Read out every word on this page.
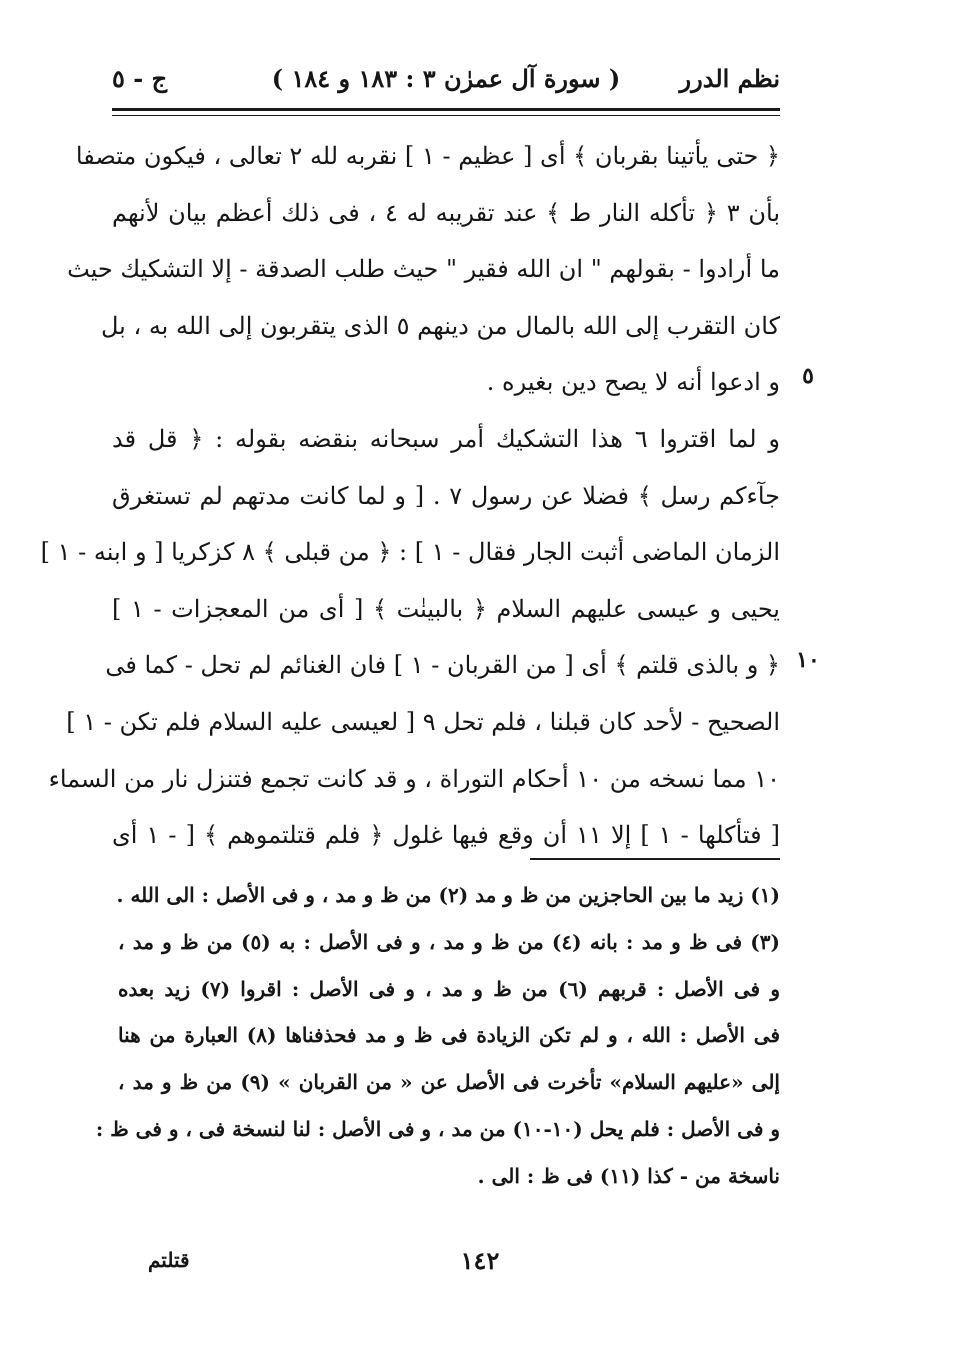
نظم الدرر
( سورة آل عمرٰن ٣ : ١٨٣ و ١٨٤ )
ج - ٥
﴿ حتى يأتينا بقربان ﴾ أى [ عظيم - ١ ] نقربه لله ٢ تعالى ، فيكون متصفا
بأن ٣ ﴿ تأكله النار ط ﴾ عند تقريبه له ٤ ، فى ذلك أعظم بيان لأنهم
ما أرادوا - بقولهم " ان الله فقير " حيث طلب الصدقة - إلا التشكيك حيث
كان التقرب إلى الله بالمال من دينهم ٥ الذى يتقربون إلى الله به ، بل
و ادعوا أنه لا يصح دين بغيره .
و لما اقتروا ٦ هذا التشكيك أمر سبحانه بنقضه بقوله : ﴿ قل قد
جآءكم رسل ﴾ فضلا عن رسول ٧ . [ و لما كانت مدتهم لم تستغرق
الزمان الماضى أثبت الجار فقال - ١ ] : ﴿ من قبلى ﴾ ٨ كزكريا [ و ابنه - ١ ]
يحيى و عيسى عليهم السلام ﴿ بالبينٰت ﴾ [ أى من المعجزات - ١ ]
﴿ و بالذى قلتم ﴾ أى [ من القربان - ١ ] فان الغنائم لم تحل - كما فى
الصحيح - لأحد كان قبلنا ، فلم تحل ٩ [ لعيسى عليه السلام فلم تكن - ١ ]
١٠ مما نسخه من ١٠ أحكام التوراة ، و قد كانت تجمع فتنزل نار من السماء
[ فتأكلها - ١ ] إلا ١١ أن وقع فيها غلول ﴿ فلم قتلتموهم ﴾ [ - ١ أى
٥
١٠
(١) زيد ما بين الحاجزين من ظ و مد (٢) من ظ و مد ، و فى الأصل : الى الله .
(٣) فى ظ و مد : بانه (٤) من ظ و مد ، و فى الأصل : به (٥) من ظ و مد ،
و فى الأصل : قربهم (٦) من ظ و مد ، و فى الأصل : اقروا (٧) زيد بعده
فى الأصل : الله ، و لم تكن الزيادة فى ظ و مد فحذفناها (٨) العبارة من هنا
إلى «عليهم السلام» تأخرت فى الأصل عن « من القربان » (٩) من ظ و مد ،
و فى الأصل : فلم يحل (١٠-١٠) من مد ، و فى الأصل : لنا لنسخة فى ، و فى ظ :
ناسخة من - كذا (١١) فى ظ : الى .
قتلتم	١٤٢
